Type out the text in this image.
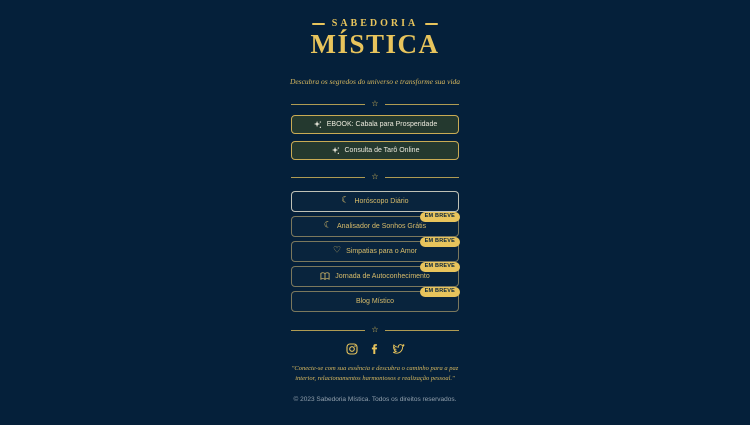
SABEDORIA
MÍSTICA
Descubra os segredos do universo e transforme sua vida
☆
EBOOK: Cabala para Prosperidade
Consulta de Tarô Online
☆
☾ Horóscopo Diário
☾ Analisador de Sonhos Grátis
EM BREVE
♡ Simpatias para o Amor
EM BREVE
Jornada de Autoconhecimento
EM BREVE
Blog Místico
EM BREVE
☆
"Conecte-se com sua essência e descubra o caminho para a paz interior, relacionamentos harmoniosos e realização pessoal."
© 2023 Sabedoria Mística. Todos os direitos reservados.
